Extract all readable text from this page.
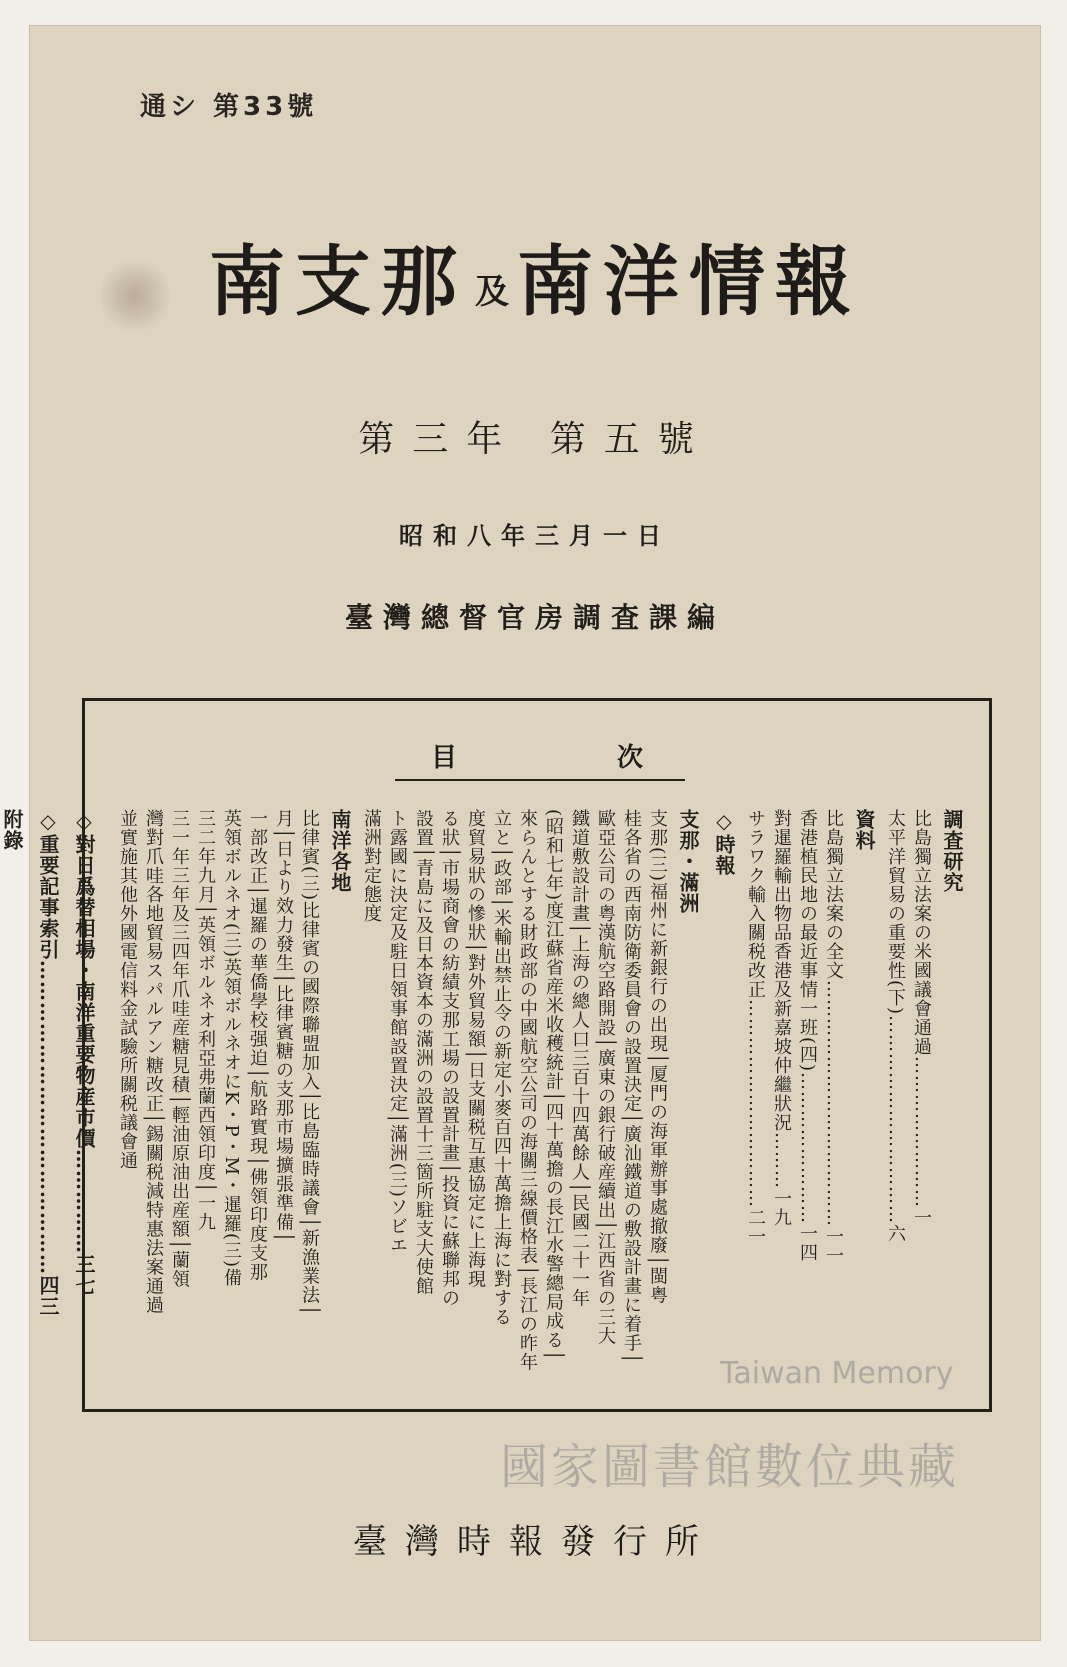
通シ 第33號
南支那 及 南洋情報
第三年 第五號
昭和八年三月一日
臺灣總督官房調査課編
目次
調査研究
比島獨立法案の米國議會通過……………………一
太平洋貿易の重要性(下)……………………………六
資料
比島獨立法案の全文…………………………………一一
香港植民地の最近事情一班(四)……………………一四
對暹羅輸出物品香港及新嘉坡仲繼狀況………一九
サラワク輸入關税改正……………………………二一
◇時報
支那・滿洲
支那(三)福州に新銀行の出現│厦門の海軍辦事處撤廢│閩粤
桂各省の西南防衛委員會の設置決定│廣汕鐵道の敷設計畫に着手│
歐亞公司の粤漢航空路開設│廣東の銀行破産續出│江西省の三大
鐵道敷設計畫│上海の總人口三百十四萬餘人│民國二十一年
(昭和七年)度江蘇省産米收穫統計│四十萬擔の長江水警總局成る│
來らんとする財政部の中國航空公司の海關三線價格表│長江の昨年
立と│政部│米輸出禁止令の新定小麥百四十萬擔上海に對する
度貿易狀の慘狀│對外貿易額│日支關税互惠協定に上海現
る狀│市場商會の紡績支那工場の設置計畫│投資に蘇聯邦の
設置│青島に及日本資本の滿洲の設置十三箇所駐支大使館
ト露國に決定及駐日領事館設置決定│滿洲(三)ソビエ
滿洲對定態度
南洋各地
比律賓(三)比律賓の國際聯盟加入│比島臨時議會│新漁業法│
月│日より效力發生│比律賓糖の支那市場擴張準備│
一部改正│暹羅の華僑學校强迫│航路實現│佛領印度支那
英領ボルネオ(三)英領ボルネオにK・P・M・暹羅(三)備
三二年九月│英領ボルネオ利亞弗蘭西領印度│一九
三一年三年及三四年爪哇産糖見積│輕油原油出産額│蘭領
灣對爪哇各地貿易スパルアン糖改正│錫關税減特惠法案通過
並實施其他外國電信料金試驗所關税議會通
◇對日爲替相場・南洋重要物産市價……………三七
◇重要記事索引………………………………………四三
附錄
臺灣時報發行所
Taiwan Memory
國家圖書館數位典藏
